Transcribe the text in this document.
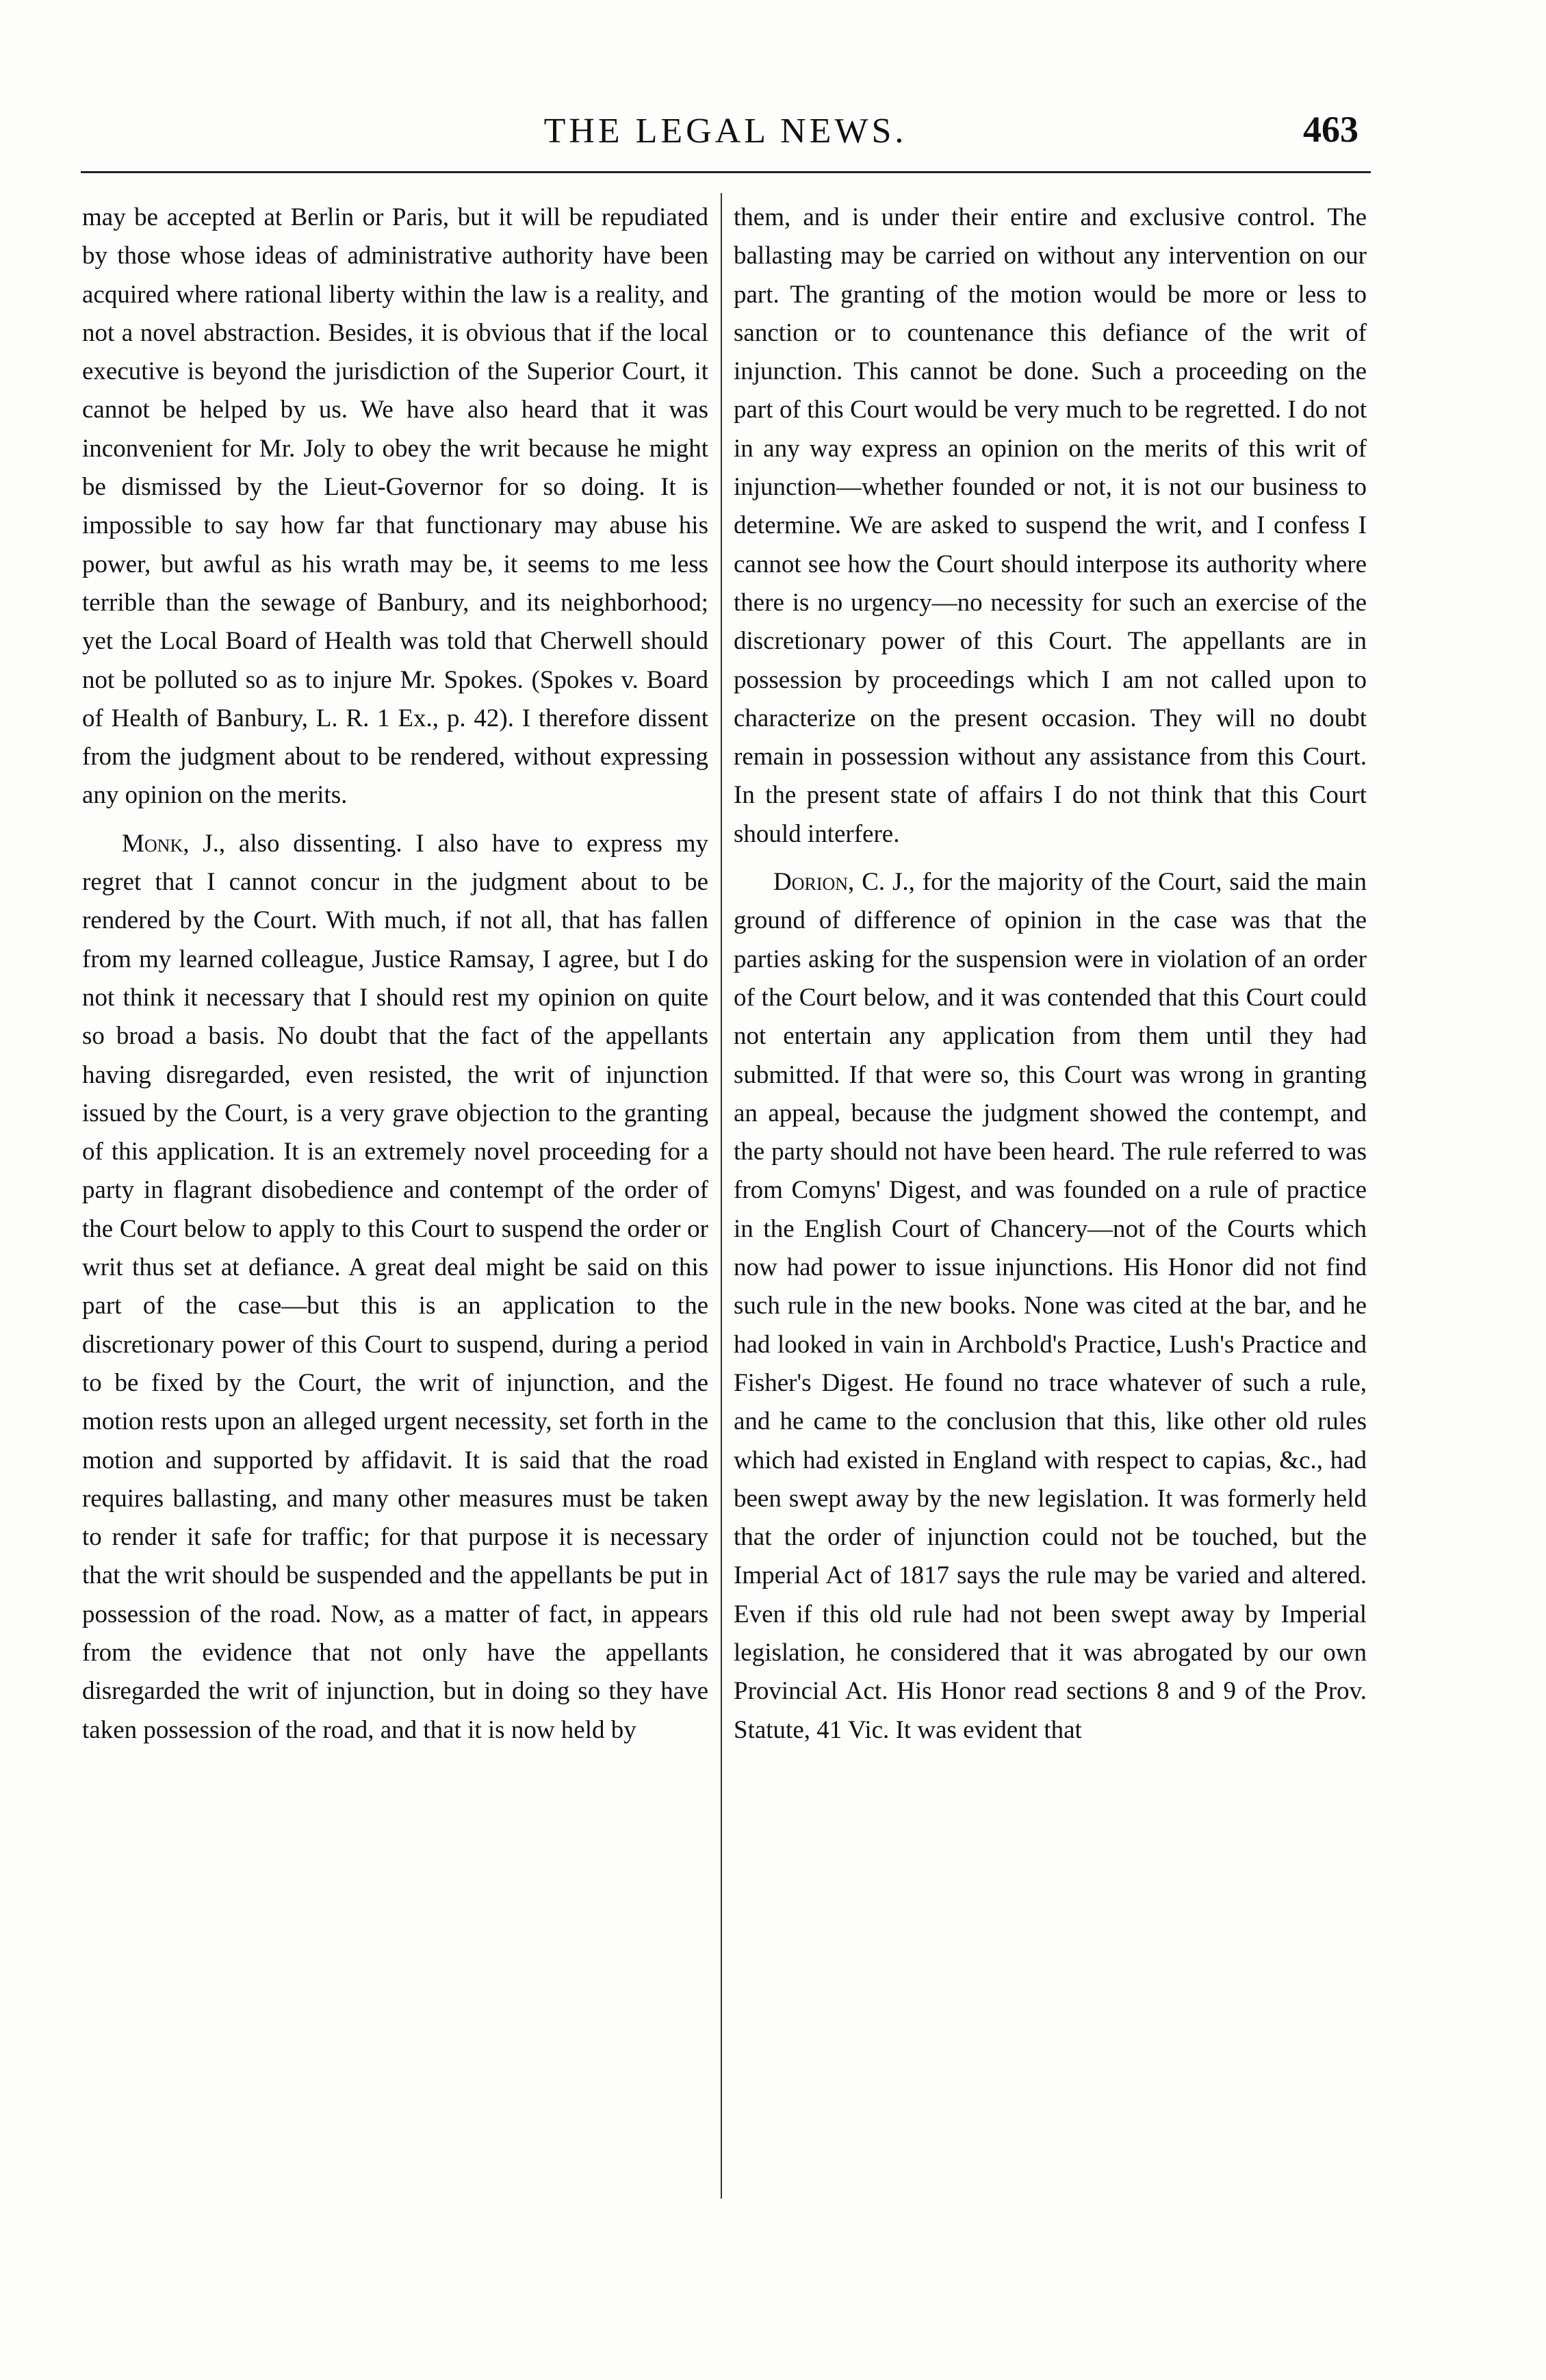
THE LEGAL NEWS.	463

may be accepted at Berlin or Paris, but it will be repudiated by those whose ideas of administrative authority have been acquired where rational liberty within the law is a reality, and not a novel abstraction. Besides, it is obvious that if the local executive is beyond the jurisdiction of the Superior Court, it cannot be helped by us. We have also heard that it was inconvenient for Mr. Joly to obey the writ because he might be dismissed by the Lieut-Governor for so doing. It is impossible to say how far that functionary may abuse his power, but awful as his wrath may be, it seems to me less terrible than the sewage of Banbury, and its neighborhood; yet the Local Board of Health was told that Cherwell should not be polluted so as to injure Mr. Spokes. (Spokes v. Board of Health of Banbury, L. R. 1 Ex., p. 42). I therefore dissent from the judgment about to be rendered, without expressing any opinion on the merits.

Monk, J., also dissenting. I also have to express my regret that I cannot concur in the judgment about to be rendered by the Court. With much, if not all, that has fallen from my learned colleague, Justice Ramsay, I agree, but I do not think it necessary that I should rest my opinion on quite so broad a basis. No doubt that the fact of the appellants having disregarded, even resisted, the writ of injunction issued by the Court, is a very grave objection to the granting of this application. It is an extremely novel proceeding for a party in flagrant disobedience and contempt of the order of the Court below to apply to this Court to suspend the order or writ thus set at defiance. A great deal might be said on this part of the case—but this is an application to the discretionary power of this Court to suspend, during a period to be fixed by the Court, the writ of injunction, and the motion rests upon an alleged urgent necessity, set forth in the motion and supported by affidavit. It is said that the road requires ballasting, and many other measures must be taken to render it safe for traffic; for that purpose it is necessary that the writ should be suspended and the appellants be put in possession of the road. Now, as a matter of fact, in appears from the evidence that not only have the appellants disregarded the writ of injunction, but in doing so they have taken possession of the road, and that it is now held by

them, and is under their entire and exclusive control. The ballasting may be carried on without any intervention on our part. The granting of the motion would be more or less to sanction or to countenance this defiance of the writ of injunction. This cannot be done. Such a proceeding on the part of this Court would be very much to be regretted. I do not in any way express an opinion on the merits of this writ of injunction—whether founded or not, it is not our business to determine. We are asked to suspend the writ, and I confess I cannot see how the Court should interpose its authority where there is no urgency—no necessity for such an exercise of the discretionary power of this Court. The appellants are in possession by proceedings which I am not called upon to characterize on the present occasion. They will no doubt remain in possession without any assistance from this Court. In the present state of affairs I do not think that this Court should interfere.

Dorion, C. J., for the majority of the Court, said the main ground of difference of opinion in the case was that the parties asking for the suspension were in violation of an order of the Court below, and it was contended that this Court could not entertain any application from them until they had submitted. If that were so, this Court was wrong in granting an appeal, because the judgment showed the contempt, and the party should not have been heard. The rule referred to was from Comyns' Digest, and was founded on a rule of practice in the English Court of Chancery—not of the Courts which now had power to issue injunctions. His Honor did not find such rule in the new books. None was cited at the bar, and he had looked in vain in Archbold's Practice, Lush's Practice and Fisher's Digest. He found no trace whatever of such a rule, and he came to the conclusion that this, like other old rules which had existed in England with respect to capias, &c., had been swept away by the new legislation. It was formerly held that the order of injunction could not be touched, but the Imperial Act of 1817 says the rule may be varied and altered. Even if this old rule had not been swept away by Imperial legislation, he considered that it was abrogated by our own Provincial Act. His Honor read sections 8 and 9 of the Prov. Statute, 41 Vic. It was evident that
